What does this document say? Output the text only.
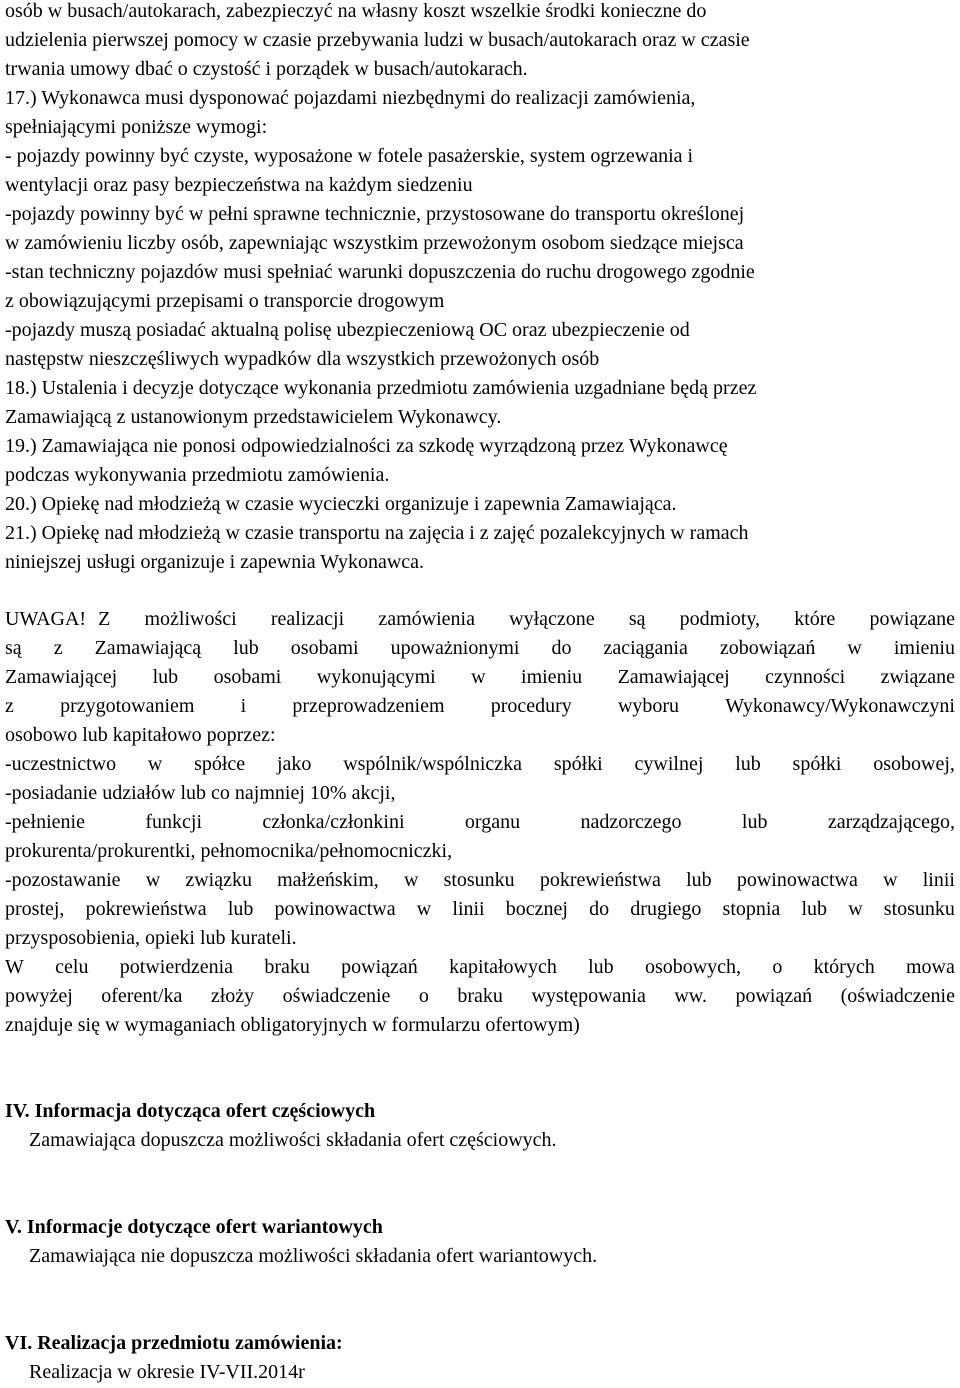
osób w busach/autokarach, zabezpieczyć na własny koszt wszelkie środki konieczne do
udzielenia pierwszej pomocy w czasie przebywania ludzi w busach/autokarach oraz w czasie
trwania umowy dbać o czystość i porządek w busach/autokarach.
17.) Wykonawca musi dysponować pojazdami niezbędnymi do realizacji zamówienia,
spełniającymi poniższe wymogi:
- pojazdy powinny być czyste, wyposażone w fotele pasażerskie, system ogrzewania i
wentylacji oraz pasy bezpieczeństwa na każdym siedzeniu
-pojazdy powinny być w pełni sprawne technicznie, przystosowane do transportu określonej
w zamówieniu liczby osób, zapewniając wszystkim przewożonym osobom siedzące miejsca
-stan techniczny pojazdów musi spełniać warunki dopuszczenia do ruchu drogowego zgodnie
z obowiązującymi przepisami o transporcie drogowym
-pojazdy muszą posiadać aktualną polisę ubezpieczeniową OC oraz ubezpieczenie od
następstw nieszczęśliwych wypadków dla wszystkich przewożonych osób
18.) Ustalenia i decyzje dotyczące wykonania przedmiotu zamówienia uzgadniane będą przez
Zamawiającą z ustanowionym przedstawicielem Wykonawcy.
19.) Zamawiająca nie ponosi odpowiedzialności za szkodę wyrządzoną przez Wykonawcę
podczas wykonywania przedmiotu zamówienia.
20.) Opiekę nad młodzieżą w czasie wycieczki organizuje i zapewnia Zamawiająca.
21.) Opiekę nad młodzieżą w czasie transportu na zajęcia i z zajęć pozalekcyjnych w ramach
niniejszej usługi organizuje i zapewnia Wykonawca.
UWAGA! Z możliwości realizacji zamówienia wyłączone są podmioty, które powiązane
są z Zamawiającą lub osobami upoważnionymi do zaciągania zobowiązań w imieniu
Zamawiającej lub osobami wykonującymi w imieniu Zamawiającej czynności związane
z przygotowaniem i przeprowadzeniem procedury wyboru Wykonawcy/Wykonawczyni
osobowo lub kapitałowo poprzez:
-uczestnictwo w spółce jako wspólnik/wspólniczka spółki cywilnej lub spółki osobowej,
-posiadanie udziałów lub co najmniej 10% akcji,
-pełnienie	funkcji	członka/członkini	organu	nadzorczego	lub	zarządzającego,
prokurenta/prokurentki, pełnomocnika/pełnomocniczki,
-pozostawanie w związku małżeńskim, w stosunku pokrewieństwa lub powinowactwa w linii
prostej, pokrewieństwa lub powinowactwa w linii bocznej do drugiego stopnia lub w stosunku
przysposobienia, opieki lub kurateli.
W celu potwierdzenia braku powiązań kapitałowych lub osobowych, o których mowa
powyżej oferent/ka złoży oświadczenie o braku występowania ww. powiązań (oświadczenie
znajduje się w wymaganiach obligatoryjnych w formularzu ofertowym)
IV. Informacja dotycząca ofert częściowych
Zamawiająca dopuszcza możliwości składania ofert częściowych.
V. Informacje dotyczące ofert wariantowych
Zamawiająca nie dopuszcza możliwości składania ofert wariantowych.
VI. Realizacja przedmiotu zamówienia:
Realizacja w okresie IV-VII.2014r
